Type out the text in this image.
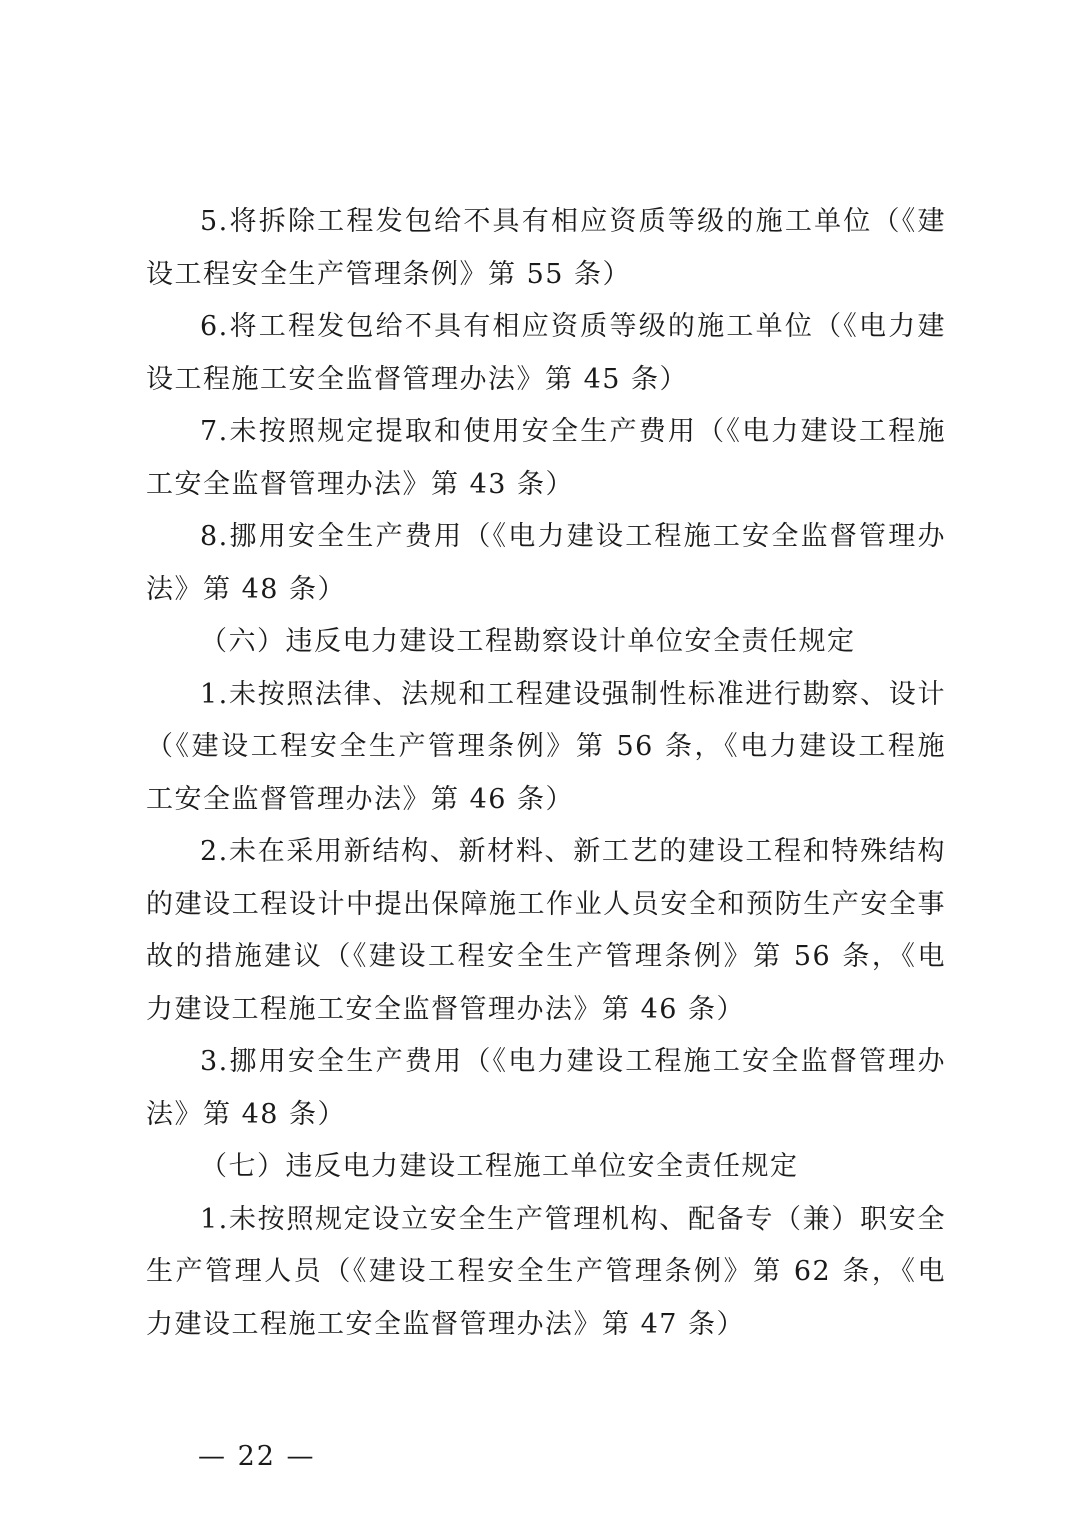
5.将拆除工程发包给不具有相应资质等级的施工单位（《建设工程安全生产管理条例》第 55 条）

6.将工程发包给不具有相应资质等级的施工单位（《电力建设工程施工安全监督管理办法》第 45 条）

7.未按照规定提取和使用安全生产费用（《电力建设工程施工安全监督管理办法》第 43 条）

8.挪用安全生产费用（《电力建设工程施工安全监督管理办法》第 48 条）

（六）违反电力建设工程勘察设计单位安全责任规定

1.未按照法律、法规和工程建设强制性标准进行勘察、设计（《建设工程安全生产管理条例》第 56 条，《电力建设工程施工安全监督管理办法》第 46 条）

2.未在采用新结构、新材料、新工艺的建设工程和特殊结构的建设工程设计中提出保障施工作业人员安全和预防生产安全事故的措施建议（《建设工程安全生产管理条例》第 56 条，《电力建设工程施工安全监督管理办法》第 46 条）

3.挪用安全生产费用（《电力建设工程施工安全监督管理办法》第 48 条）

（七）违反电力建设工程施工单位安全责任规定

1.未按照规定设立安全生产管理机构、配备专（兼）职安全生产管理人员（《建设工程安全生产管理条例》第 62 条，《电力建设工程施工安全监督管理办法》第 47 条）

— 22 —
